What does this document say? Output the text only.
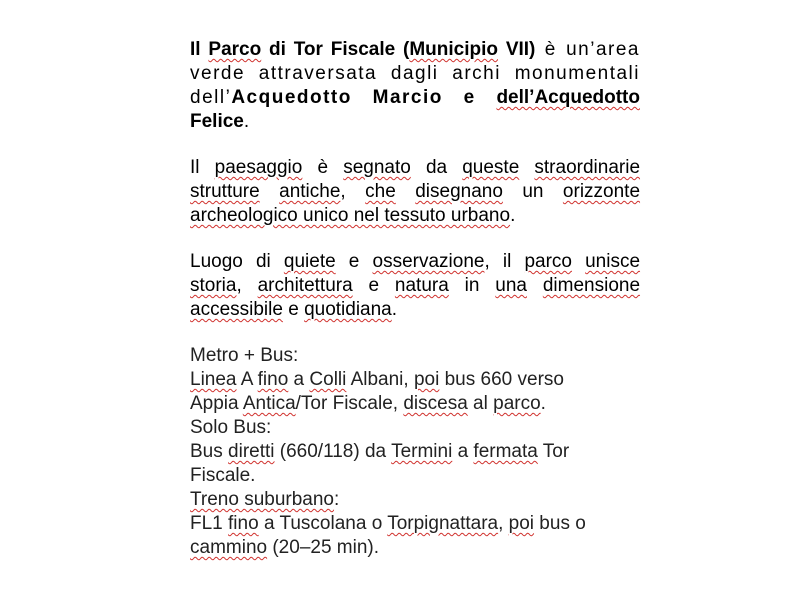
Il Parco di Tor Fiscale (Municipio VII) è un’area verde attraversata dagli archi monumentali dell’Acquedotto Marcio e dell’Acquedotto Felice.

Il paesaggio è segnato da queste straordinarie strutture antiche, che disegnano un orizzonte archeologico unico nel tessuto urbano.

Luogo di quiete e osservazione, il parco unisce storia, architettura e natura in una dimensione accessibile e quotidiana.

Metro + Bus:
Linea A fino a Colli Albani, poi bus 660 verso
Appia Antica/Tor Fiscale, discesa al parco.
Solo Bus:
Bus diretti (660/118) da Termini a fermata Tor
Fiscale.
Treno suburbano:
FL1 fino a Tuscolana o Torpignattara, poi bus o
cammino (20–25 min).
